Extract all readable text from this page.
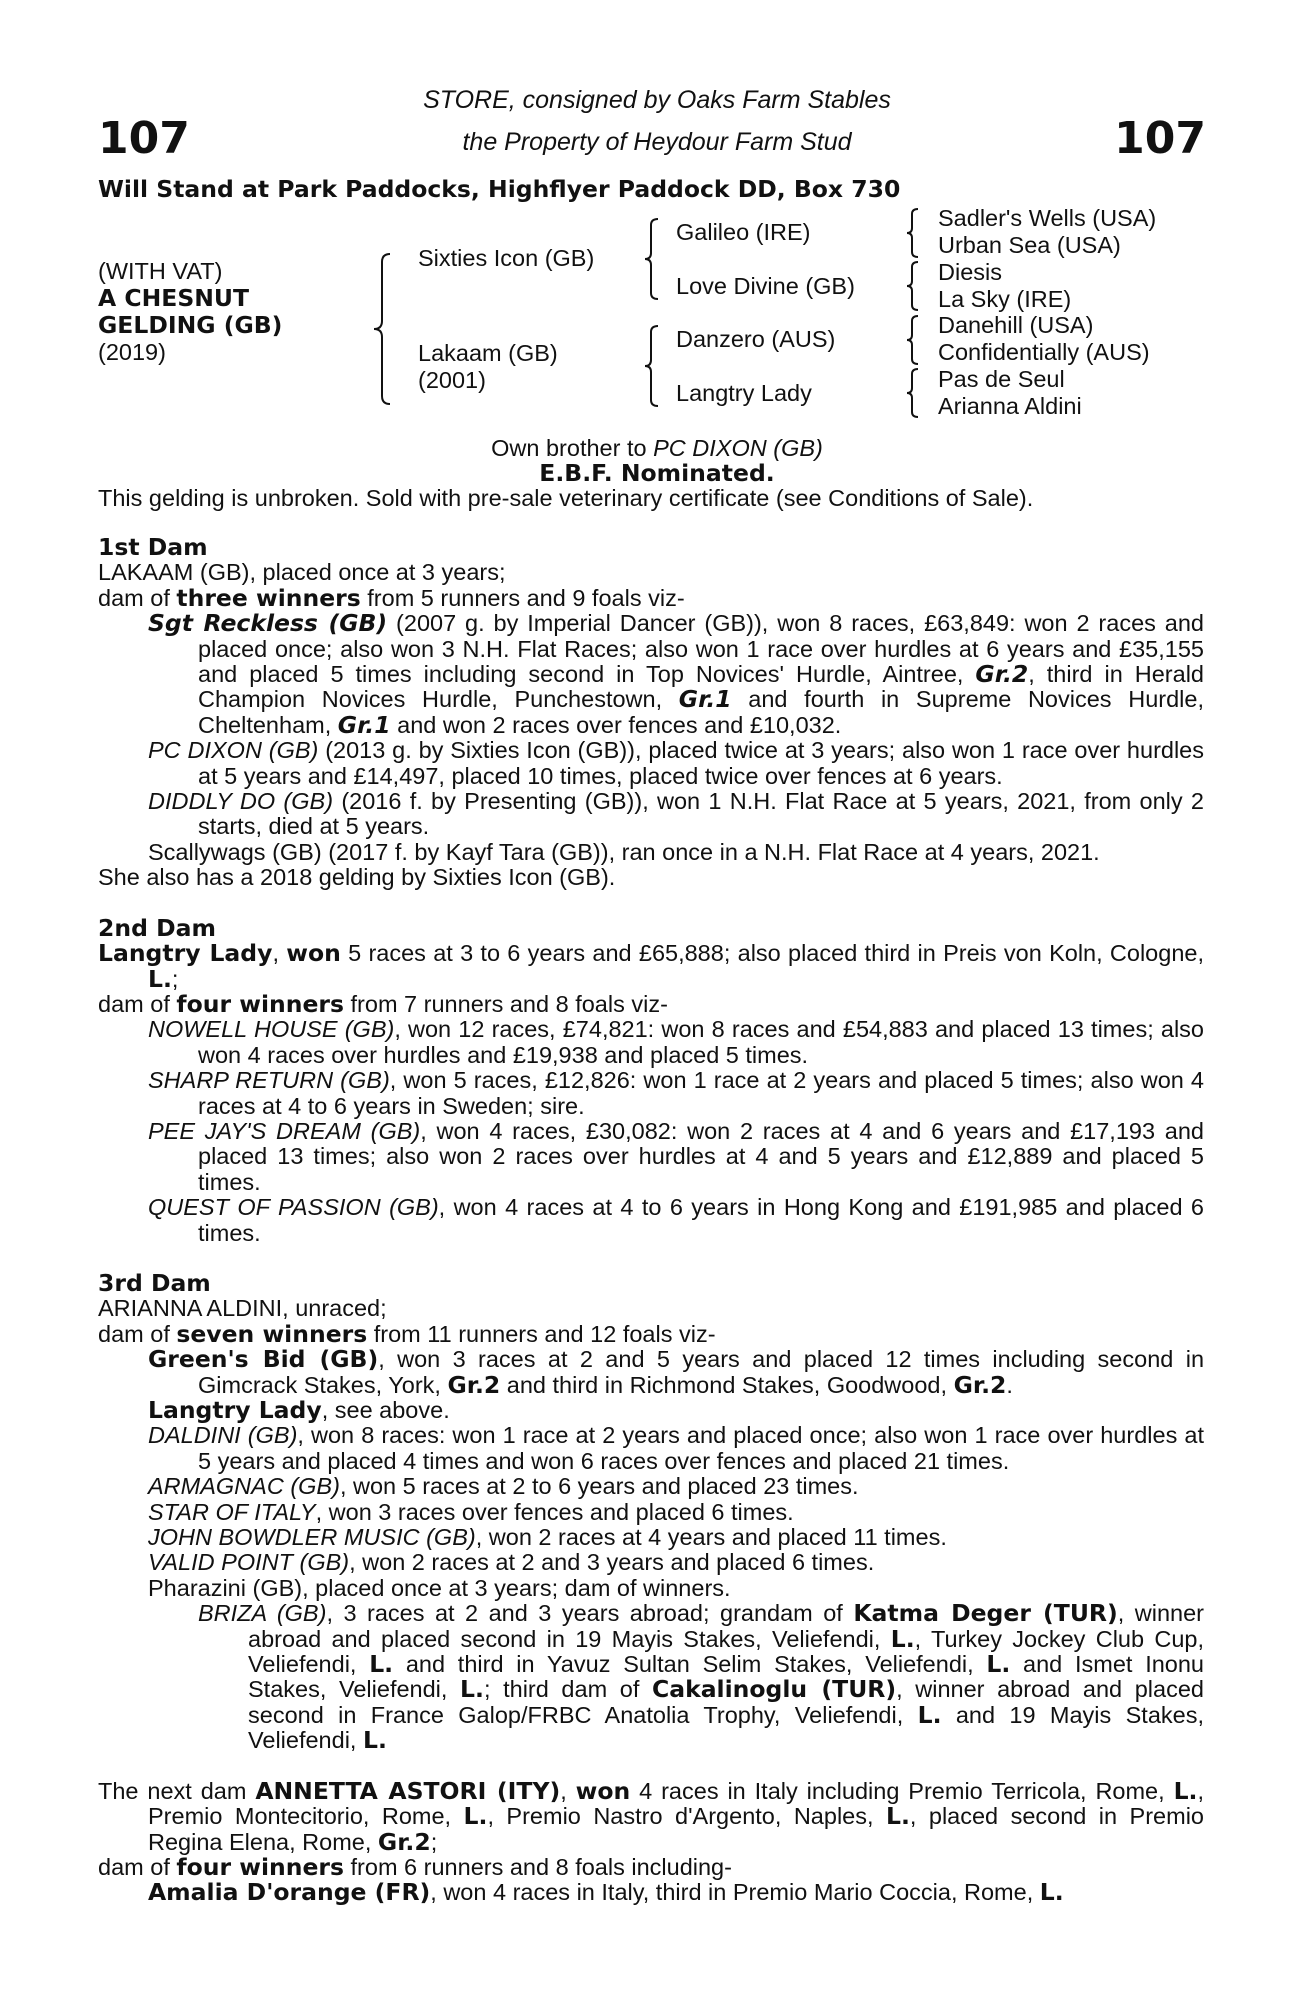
107	107
STORE, consigned by Oaks Farm Stables
the Property of Heydour Farm Stud
Will Stand at Park Paddocks, Highflyer Paddock DD, Box 730
(WITH VAT)
A CHESNUT
GELDING (GB)
(2019)
Sixties Icon (GB)
Lakaam (GB)
(2001)
Galileo (IRE)
Love Divine (GB)
Danzero (AUS)
Langtry Lady
Sadler's Wells (USA)
Urban Sea (USA)
Diesis
La Sky (IRE)
Danehill (USA)
Confidentially (AUS)
Pas de Seul
Arianna Aldini
Own brother to PC DIXON (GB)
E.B.F. Nominated.
This gelding is unbroken. Sold with pre-sale veterinary certificate (see Conditions of Sale).

1st Dam

LAKAAM (GB), placed once at 3 years;

dam of three winners from 5 runners and 9 foals viz-

Sgt Reckless (GB) (2007 g. by Imperial Dancer (GB)), won 8 races, £63,849: won 2 races and placed once; also won 3 N.H. Flat Races; also won 1 race over hurdles at 6 years and £35,155 and placed 5 times including second in Top Novices' Hurdle, Aintree, Gr.2, third in Herald Champion Novices Hurdle, Punchestown, Gr.1 and fourth in Supreme Novices Hurdle, Cheltenham, Gr.1 and won 2 races over fences and £10,032.

PC DIXON (GB) (2013 g. by Sixties Icon (GB)), placed twice at 3 years; also won 1 race over hurdles at 5 years and £14,497, placed 10 times, placed twice over fences at 6 years.

DIDDLY DO (GB) (2016 f. by Presenting (GB)), won 1 N.H. Flat Race at 5 years, 2021, from only 2 starts, died at 5 years.

Scallywags (GB) (2017 f. by Kayf Tara (GB)), ran once in a N.H. Flat Race at 4 years, 2021.

She also has a 2018 gelding by Sixties Icon (GB).

2nd Dam

Langtry Lady, won 5 races at 3 to 6 years and £65,888; also placed third in Preis von Koln, Cologne, L.;

dam of four winners from 7 runners and 8 foals viz-

NOWELL HOUSE (GB), won 12 races, £74,821: won 8 races and £54,883 and placed 13 times; also won 4 races over hurdles and £19,938 and placed 5 times.

SHARP RETURN (GB), won 5 races, £12,826: won 1 race at 2 years and placed 5 times; also won 4 races at 4 to 6 years in Sweden; sire.

PEE JAY'S DREAM (GB), won 4 races, £30,082: won 2 races at 4 and 6 years and £17,193 and placed 13 times; also won 2 races over hurdles at 4 and 5 years and £12,889 and placed 5 times.

QUEST OF PASSION (GB), won 4 races at 4 to 6 years in Hong Kong and £191,985 and placed 6 times.

3rd Dam

ARIANNA ALDINI, unraced;

dam of seven winners from 11 runners and 12 foals viz-

Green's Bid (GB), won 3 races at 2 and 5 years and placed 12 times including second in Gimcrack Stakes, York, Gr.2 and third in Richmond Stakes, Goodwood, Gr.2.

Langtry Lady, see above.

DALDINI (GB), won 8 races: won 1 race at 2 years and placed once; also won 1 race over hurdles at 5 years and placed 4 times and won 6 races over fences and placed 21 times.

ARMAGNAC (GB), won 5 races at 2 to 6 years and placed 23 times.

STAR OF ITALY, won 3 races over fences and placed 6 times.

JOHN BOWDLER MUSIC (GB), won 2 races at 4 years and placed 11 times.

VALID POINT (GB), won 2 races at 2 and 3 years and placed 6 times.

Pharazini (GB), placed once at 3 years; dam of winners.

BRIZA (GB), 3 races at 2 and 3 years abroad; grandam of Katma Deger (TUR), winner abroad and placed second in 19 Mayis Stakes, Veliefendi, L., Turkey Jockey Club Cup, Veliefendi, L. and third in Yavuz Sultan Selim Stakes, Veliefendi, L. and Ismet Inonu Stakes, Veliefendi, L.; third dam of Cakalinoglu (TUR), winner abroad and placed second in France Galop/FRBC Anatolia Trophy, Veliefendi, L. and 19 Mayis Stakes, Veliefendi, L.

The next dam ANNETTA ASTORI (ITY), won 4 races in Italy including Premio Terricola, Rome, L., Premio Montecitorio, Rome, L., Premio Nastro d'Argento, Naples, L., placed second in Premio Regina Elena, Rome, Gr.2;

dam of four winners from 6 runners and 8 foals including-

Amalia D'orange (FR), won 4 races in Italy, third in Premio Mario Coccia, Rome, L.
